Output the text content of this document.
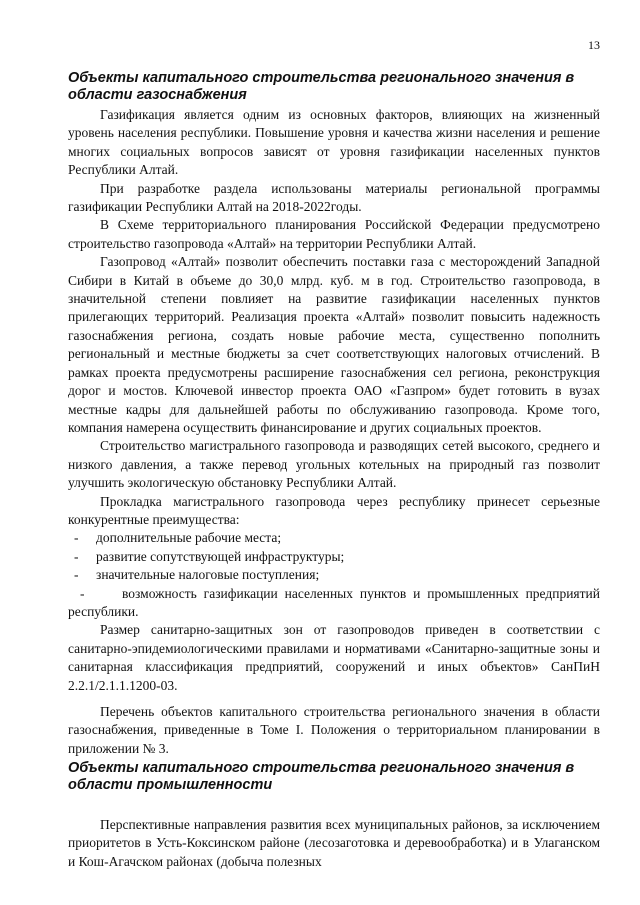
13
Объекты капитального строительства регионального значения в области газоснабжения

Газификация является одним из основных факторов, влияющих на жизненный уровень населения республики. Повышение уровня и качества жизни населения и решение многих социальных вопросов зависят от уровня газификации населенных пунктов Республики Алтай.

При разработке раздела использованы материалы региональной программы газификации Республики Алтай на 2018-2022годы.

В Схеме территориального планирования Российской Федерации предусмотрено строительство газопровода «Алтай» на территории Республики Алтай.

Газопровод «Алтай» позволит обеспечить поставки газа с месторождений Западной Сибири в Китай в объеме до 30,0 млрд. куб. м в год. Строительство газопровода, в значительной степени повлияет на развитие газификации населенных пунктов прилегающих территорий. Реализация проекта «Алтай» позволит повысить надежность газоснабжения региона, создать новые рабочие места, существенно пополнить региональный и местные бюджеты за счет соответствующих налоговых отчислений. В рамках проекта предусмотрены расширение газоснабжения сел региона, реконструкция дорог и мостов. Ключевой инвестор проекта ОАО «Газпром» будет готовить в вузах местные кадры для дальнейшей работы по обслуживанию газопровода. Кроме того, компания намерена осуществить финансирование и других социальных проектов.

Строительство магистрального газопровода и разводящих сетей высокого, среднего и низкого давления, а также перевод угольных котельных на природный газ позволит улучшить экологическую обстановку Республики Алтай.

Прокладка магистрального газопровода через республику принесет серьезные конкурентные преимущества:

- дополнительные рабочие места;
- развитие сопутствующей инфраструктуры;
- значительные налоговые поступления;
-	возможность газификации населенных пунктов и промышленных предприятий республики.

Размер санитарно-защитных зон от газопроводов приведен в соответствии с санитарно-эпидемиологическими правилами и нормативами «Санитарно-защитные зоны и санитарная классификация предприятий, сооружений и иных объектов» СанПиН 2.2.1/2.1.1.1200-03.

Перечень объектов капитального строительства регионального значения в области газоснабжения, приведенные в Томе I. Положения о территориальном планировании в приложении № 3.

Объекты капитального строительства регионального значения в области промышленности

Перспективные направления развития всех муниципальных районов, за исключением приоритетов в Усть-Коксинском районе (лесозаготовка и деревообработка) и в Улаганском и Кош-Агачском районах (добыча полезных
